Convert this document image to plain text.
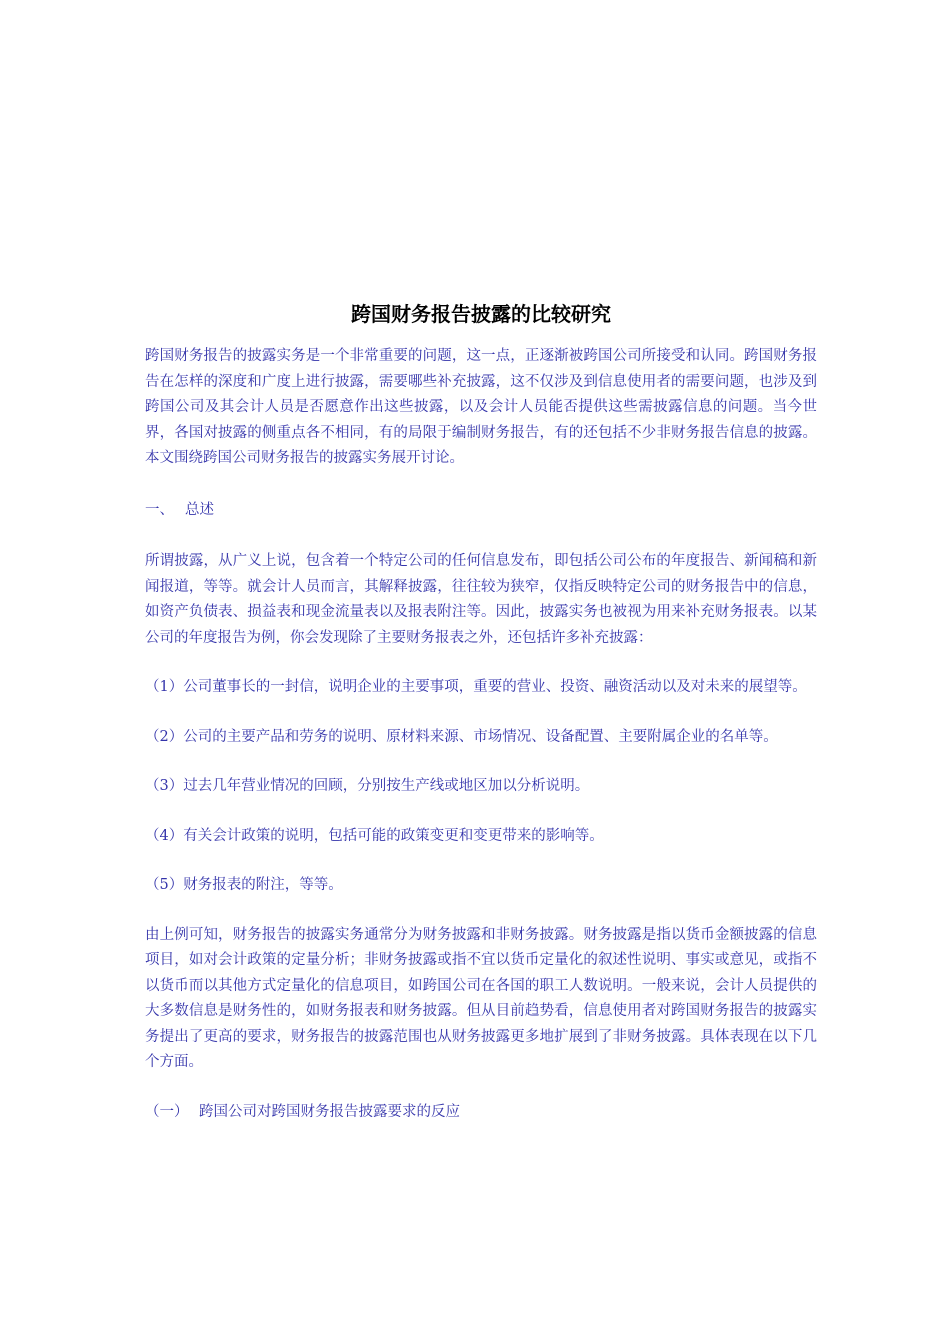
跨国财务报告披露的比较研究

跨国财务报告的披露实务是一个非常重要的问题，这一点，正逐渐被跨国公司所接受和认同。跨国财务报告在怎样的深度和广度上进行披露，需要哪些补充披露，这不仅涉及到信息使用者的需要问题，也涉及到跨国公司及其会计人员是否愿意作出这些披露，以及会计人员能否提供这些需披露信息的问题。当今世界，各国对披露的侧重点各不相同，有的局限于编制财务报告，有的还包括不少非财务报告信息的披露。本文围绕跨国公司财务报告的披露实务展开讨论。

一、 总述

所谓披露，从广义上说，包含着一个特定公司的任何信息发布，即包括公司公布的年度报告、新闻稿和新闻报道，等等。就会计人员而言，其解释披露，往往较为狭窄，仅指反映特定公司的财务报告中的信息，如资产负债表、损益表和现金流量表以及报表附注等。因此，披露实务也被视为用来补充财务报表。以某公司的年度报告为例，你会发现除了主要财务报表之外，还包括许多补充披露：

（1）公司董事长的一封信，说明企业的主要事项，重要的营业、投资、融资活动以及对未来的展望等。

（2）公司的主要产品和劳务的说明、原材料来源、市场情况、设备配置、主要附属企业的名单等。

（3）过去几年营业情况的回顾，分别按生产线或地区加以分析说明。

（4）有关会计政策的说明，包括可能的政策变更和变更带来的影响等。

（5）财务报表的附注，等等。

由上例可知，财务报告的披露实务通常分为财务披露和非财务披露。财务披露是指以货币金额披露的信息项目，如对会计政策的定量分析；非财务披露或指不宜以货币定量化的叙述性说明、事实或意见，或指不以货币而以其他方式定量化的信息项目，如跨国公司在各国的职工人数说明。一般来说，会计人员提供的大多数信息是财务性的，如财务报表和财务披露。但从目前趋势看，信息使用者对跨国财务报告的披露实务提出了更高的要求，财务报告的披露范围也从财务披露更多地扩展到了非财务披露。具体表现在以下几个方面。

（一） 跨国公司对跨国财务报告披露要求的反应
